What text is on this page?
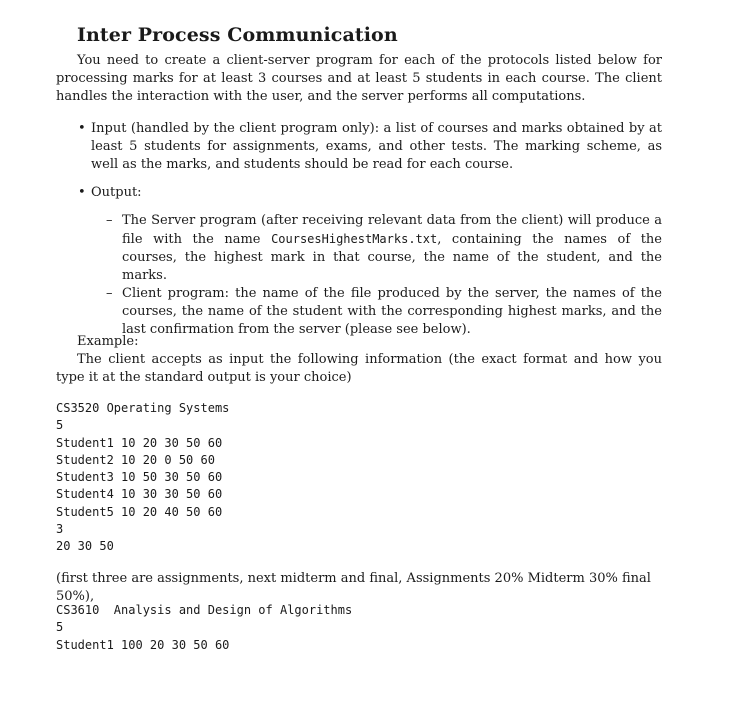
Inter Process Communication

You need to create a client-server program for each of the protocols listed below for processing marks for at least 3 courses and at least 5 students in each course. The client handles the interaction with the user, and the server performs all computations.

• Input (handled by the client program only): a list of courses and marks obtained by at least 5 students for assignments, exams, and other tests. The marking scheme, as well as the marks, and students should be read for each course.
• Output:
– The Server program (after receiving relevant data from the client) will produce a file with the name CoursesHighestMarks.txt, containing the names of the courses, the highest mark in that course, the name of the student, and the marks.
– Client program: the name of the file produced by the server, the names of the courses, the name of the student with the corresponding highest marks, and the last confirmation from the server (please see below).

Example:

The client accepts as input the following information (the exact format and how you type it at the standard output is your choice)

CS3520 Operating Systems
5
Student1 10 20 30 50 60
Student2 10 20 0 50 60
Student3 10 50 30 50 60
Student4 10 30 30 50 60
Student5 10 20 40 50 60
3
20 30 50

(first three are assignments, next midterm and final, Assignments 20% Midterm 30% final 50%),

CS3610  Analysis and Design of Algorithms
5
Student1 100 20 30 50 60
